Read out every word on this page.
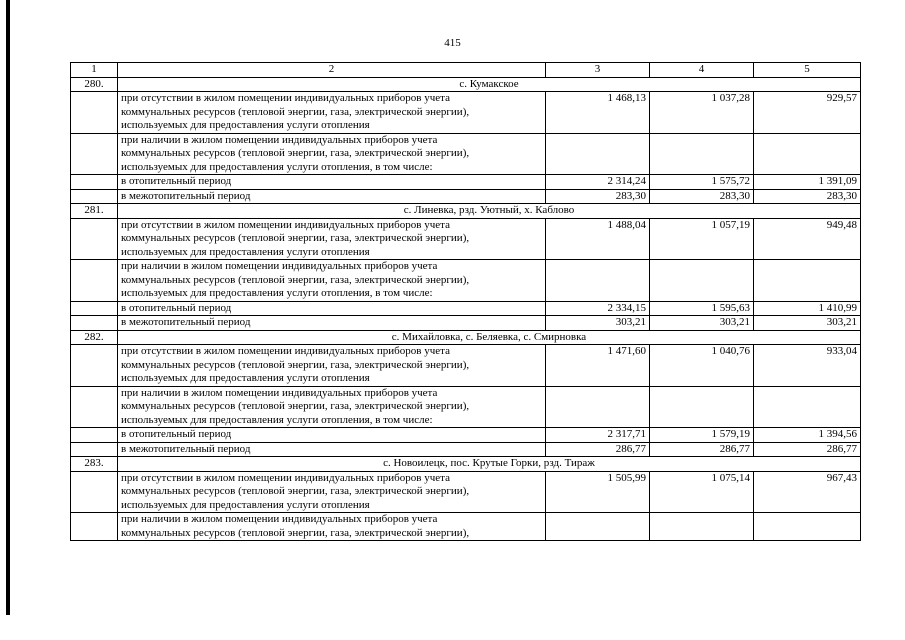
415
1	2	3	4	5
280.	с. Кумакское			
	при отсутствии в жилом помещении индивидуальных приборов учета
коммунальных ресурсов (тепловой энергии, газа, электрической энергии),
используемых для предоставления услуги отопления	1 468,13	1 037,28	929,57
	при наличии в жилом помещении индивидуальных приборов учета
коммунальных ресурсов (тепловой энергии, газа, электрической энергии),
используемых для предоставления услуги отопления, в том числе:			
	в отопительный период	2 314,24	1 575,72	1 391,09
	в межотопительный период	283,30	283,30	283,30
281.	с. Линевка, рзд. Уютный, х. Каблово			
	при отсутствии в жилом помещении индивидуальных приборов учета
коммунальных ресурсов (тепловой энергии, газа, электрической энергии),
используемых для предоставления услуги отопления	1 488,04	1 057,19	949,48
	при наличии в жилом помещении индивидуальных приборов учета
коммунальных ресурсов (тепловой энергии, газа, электрической энергии),
используемых для предоставления услуги отопления, в том числе:			
	в отопительный период	2 334,15	1 595,63	1 410,99
	в межотопительный период	303,21	303,21	303,21
282.	с. Михайловка, с. Беляевка, с. Смирновка			
	при отсутствии в жилом помещении индивидуальных приборов учета
коммунальных ресурсов (тепловой энергии, газа, электрической энергии),
используемых для предоставления услуги отопления	1 471,60	1 040,76	933,04
	при наличии в жилом помещении индивидуальных приборов учета
коммунальных ресурсов (тепловой энергии, газа, электрической энергии),
используемых для предоставления услуги отопления, в том числе:			
	в отопительный период	2 317,71	1 579,19	1 394,56
	в межотопительный период	286,77	286,77	286,77
283.	с. Новоилецк, пос. Крутые Горки, рзд. Тираж			
	при отсутствии в жилом помещении индивидуальных приборов учета
коммунальных ресурсов (тепловой энергии, газа, электрической энергии),
используемых для предоставления услуги отопления	1 505,99	1 075,14	967,43
	при наличии в жилом помещении индивидуальных приборов учета
коммунальных ресурсов (тепловой энергии, газа, электрической энергии),			
